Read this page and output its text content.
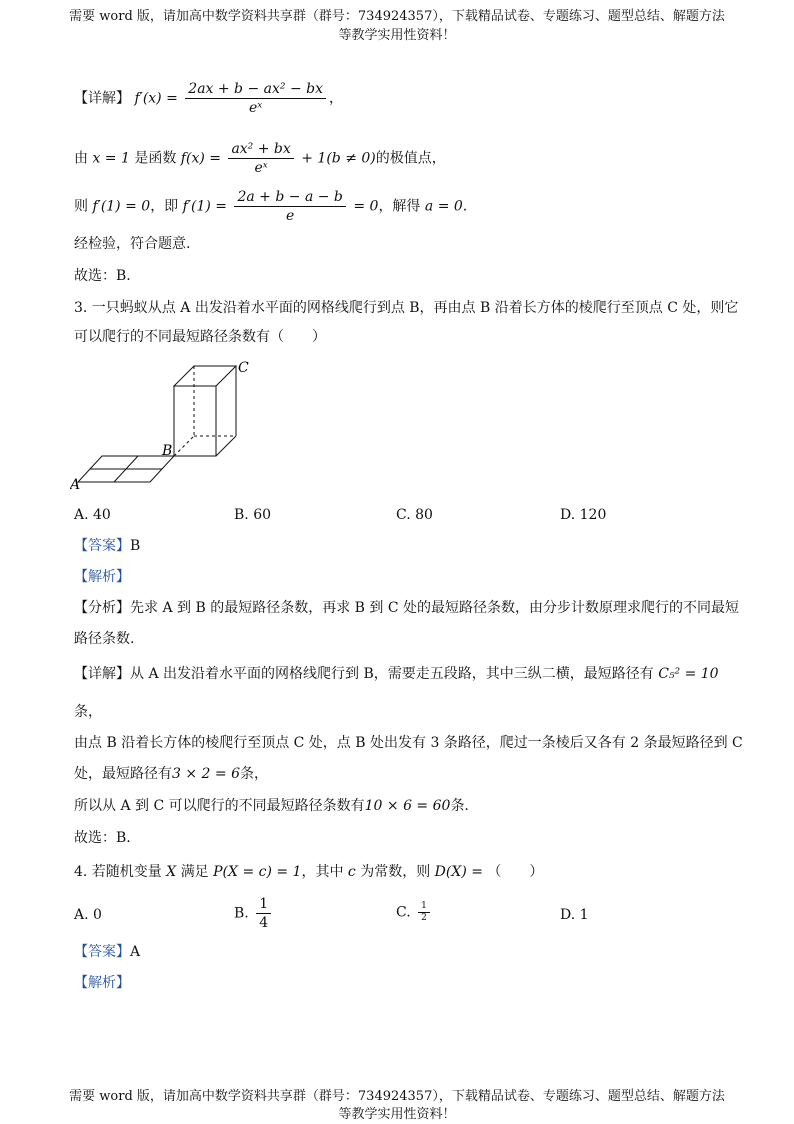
需要 word 版，请加高中数学资料共享群（群号：734924357），下载精品试卷、专题练习、题型总结、解题方法
等教学实用性资料！
【详解】 $f'(x) = \frac{\text{2ax + b − ax² − bx}}{\text{eˣ}}$ ，
由 x = 1 是函数 $f(x) = \frac{\text{ax² + bx}}{\text{eˣ}} + 1(b \ne 0)$的极值点，
则 f′(1) = 0，即 $f'(1) = \frac{2a + b - a - b}{e} = 0$，解得 a = 0.
经检验，符合题意.
故选：B.
3. 一只蚂蚁从点 A 出发沿着水平面的网格线爬行到点 B，再由点 B 沿着长方体的棱爬行至顶点 C 处，则它
可以爬行的不同最短路径条数有（　　）
A
B
C
A. 40	B. 60	C. 80	D. 120
【答案】B
【解析】
【分析】先求 A 到 B 的最短路径条数，再求 B 到 C 处的最短路径条数，由分步计数原理求爬行的不同最短
路径条数.
【详解】从 A 出发沿着水平面的网格线爬行到 B，需要走五段路，其中三纵二横，最短路径有 C₅² = 10
条，
由点 B 沿着长方体的棱爬行至顶点 C 处，点 B 处出发有 3 条路径，爬过一条棱后又各有 2 条最短路径到 C
处，最短路径有3 × 2 = 6条，
所以从 A 到 C 可以爬行的不同最短路径条数有10 × 6 = 60条.
故选：B.
4. 若随机变量 X 满足 P(X = c) = 1，其中 c 为常数，则 D(X) = （　　）
A. 0	B. $\frac{1}{4}$	C. $\frac{1}{2}$	D. 1
【答案】A
【解析】
需要 word 版，请加高中数学资料共享群（群号：734924357），下载精品试卷、专题练习、题型总结、解题方法
等教学实用性资料！
